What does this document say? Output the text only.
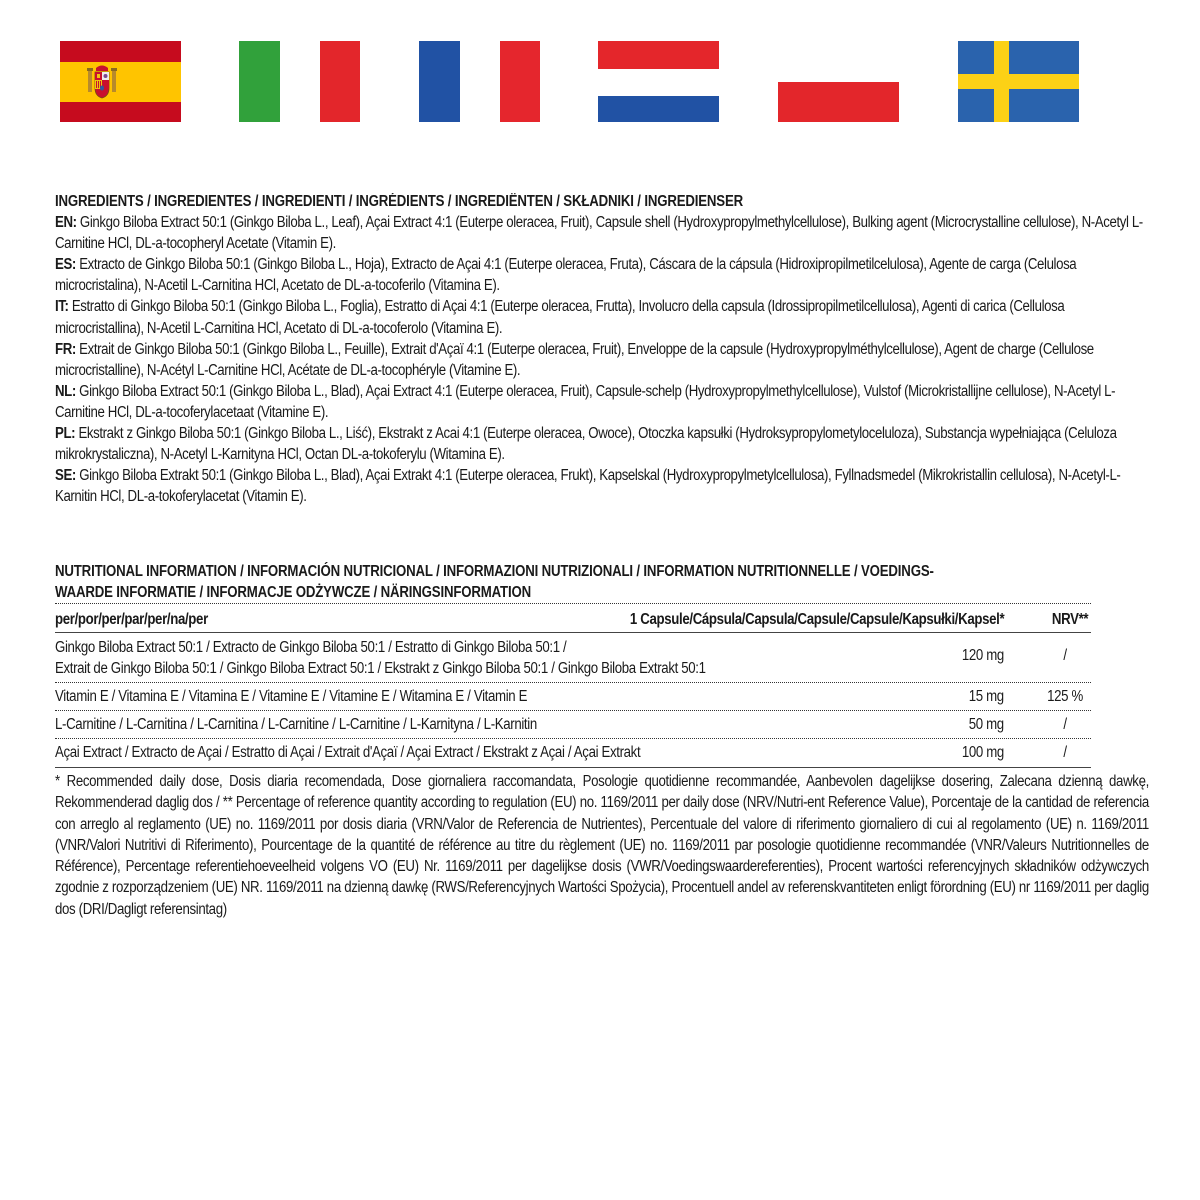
INGREDIENTS / INGREDIENTES / INGREDIENTI / INGRÉDIENTS / INGREDIËNTEN / SKŁADNIKI / INGREDIENSER
EN: Ginkgo Biloba Extract 50:1 (Ginkgo Biloba L., Leaf), Açai Extract 4:1 (Euterpe oleracea, Fruit), Capsule shell (Hydroxypropylmethylcellulose), Bulking agent (Microcrystalline cellulose), N-Acetyl L-Carnitine HCl, DL-a-tocopheryl Acetate (Vitamin E).
ES: Extracto de Ginkgo Biloba 50:1 (Ginkgo Biloba L., Hoja), Extracto de Açai 4:1 (Euterpe oleracea, Fruta), Cáscara de la cápsula (Hidroxipropilmetilcelulosa), Agente de carga (Celulosa microcristalina), N-Acetil L-Carnitina HCl, Acetato de DL-a-tocoferilo (Vitamina E).
IT: Estratto di Ginkgo Biloba 50:1 (Ginkgo Biloba L., Foglia), Estratto di Açai 4:1 (Euterpe oleracea, Frutta), Involucro della capsula (Idrossipropilmetilcellulosa), Agenti di carica (Cellulosa microcristallina), N-Acetil L-Carnitina HCl, Acetato di DL-a-tocoferolo (Vitamina E).
FR: Extrait de Ginkgo Biloba 50:1 (Ginkgo Biloba L., Feuille), Extrait d'Açaï 4:1 (Euterpe oleracea, Fruit), Enveloppe de la capsule (Hydroxypropylméthylcellulose), Agent de charge (Cellulose microcristalline), N-Acétyl L-Carnitine HCl, Acétate de DL-a-tocophéryle (Vitamine E).
NL: Ginkgo Biloba Extract 50:1 (Ginkgo Biloba L., Blad), Açai Extract 4:1 (Euterpe oleracea, Fruit), Capsule-schelp (Hydroxypropylmethylcellulose), Vulstof (Microkristallijne cellulose), N-Acetyl L-Carnitine HCl, DL-a-tocoferylacetaat (Vitamine E).
PL: Ekstrakt z Ginkgo Biloba 50:1 (Ginkgo Biloba L., Liść), Ekstrakt z Acai 4:1 (Euterpe oleracea, Owoce), Otoczka kapsułki (Hydroksypropylometyloceluloza), Substancja wypełniająca (Celuloza mikrokrystaliczna), N-Acetyl L-Karnityna HCl, Octan DL-a-tokoferylu (Witamina E).
SE: Ginkgo Biloba Extrakt 50:1 (Ginkgo Biloba L., Blad), Açai Extrakt 4:1 (Euterpe oleracea, Frukt), Kapselskal (Hydroxypropylmetylcellulosa), Fyllnadsmedel (Mikrokristallin cellulosa), N-Acetyl-L-Karnitin HCl, DL-a-tokoferylacetat (Vitamin E).
NUTRITIONAL INFORMATION / INFORMACIÓN NUTRICIONAL / INFORMAZIONI NUTRIZIONALI / INFORMATION NUTRITIONNELLE / VOEDINGS-
WAARDE INFORMATIE / INFORMACJE ODŻYWCZE / NÄRINGSINFORMATION
per/por/per/par/per/na/per	1 Capsule/Cápsula/Capsula/Capsule/Capsule/Kapsułki/Kapsel*	NRV**
Ginkgo Biloba Extract 50:1 / Extracto de Ginkgo Biloba 50:1 / Estratto di Ginkgo Biloba 50:1 /
Extrait de Ginkgo Biloba 50:1 / Ginkgo Biloba Extract 50:1 / Ekstrakt z Ginkgo Biloba 50:1 / Ginkgo Biloba Extrakt 50:1
120 mg	/
Vitamin E / Vitamina E / Vitamina E / Vitamine E / Vitamine E / Witamina E / Vitamin E	15 mg	125 %
L-Carnitine / L-Carnitina / L-Carnitina / L-Carnitine / L-Carnitine / L-Karnityna / L-Karnitin	50 mg	/
Açai Extract / Extracto de Açai / Estratto di Açai / Extrait d'Açaï / Açai Extract / Ekstrakt z Açai / Açai Extrakt	100 mg	/
* Recommended daily dose, Dosis diaria recomendada, Dose giornaliera raccomandata, Posologie quotidienne recommandée, Aanbevolen dagelijkse dosering, Zalecana dzienną dawkę, Rekommenderad daglig dos / ** Percentage of reference quantity according to regulation (EU) no. 1169/2011 per daily dose (NRV/Nutri-ent Reference Value), Porcentaje de la cantidad de referencia con arreglo al reglamento (UE) no. 1169/2011 por dosis diaria (VRN/Valor de Referencia de Nutrientes), Percentuale del valore di riferimento giornaliero di cui al regolamento (UE) n. 1169/2011 (VNR/Valori Nutritivi di Riferimento), Pourcentage de la quantité de référence au titre du règlement (UE) no. 1169/2011 par posologie quotidienne recommandée (VNR/Valeurs Nutritionnelles de Référence), Percentage referentiehoeveelheid volgens VO (EU) Nr. 1169/2011 per dagelijkse dosis (VWR/Voedingswaardereferenties), Procent wartości referencyjnych składników odżywczych zgodnie z rozporządzeniem (UE) NR. 1169/2011 na dzienną dawkę (RWS/Referencyjnych Wartości Spożycia), Procentuell andel av referenskvantiteten enligt förordning (EU) nr 1169/2011 per daglig dos (DRI/Dagligt referensintag)
